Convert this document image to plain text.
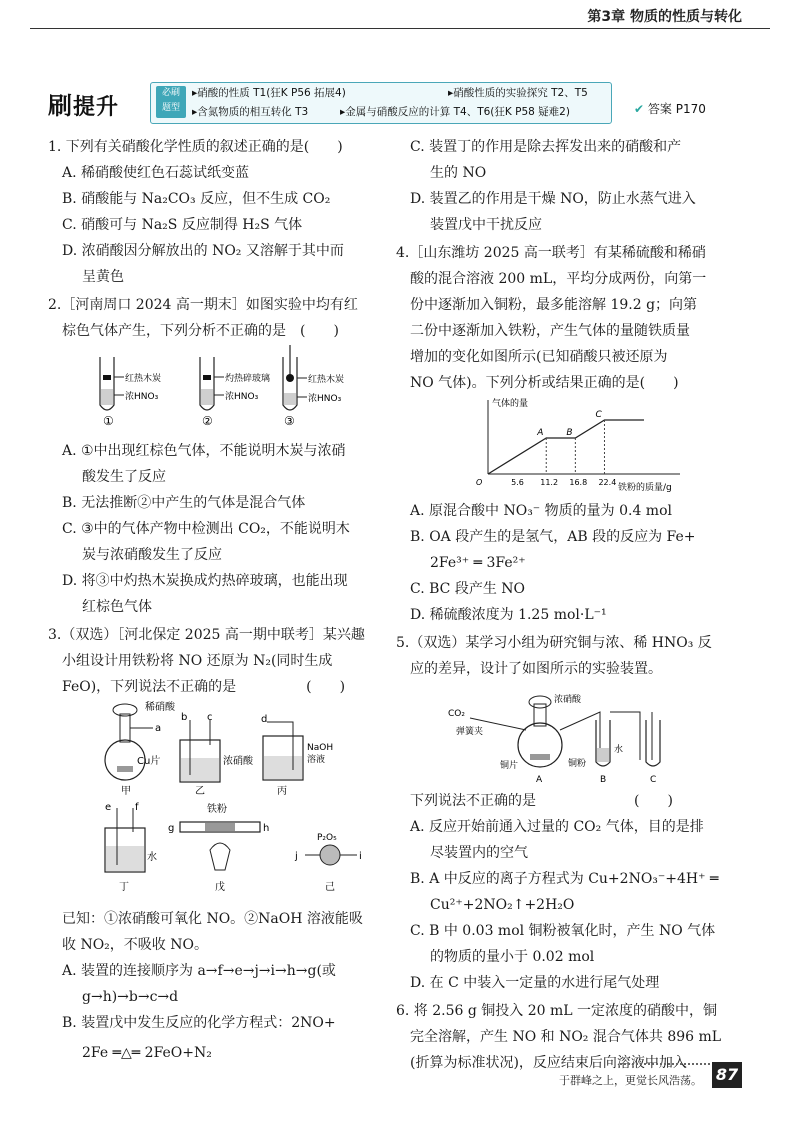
第3章 物质的性质与转化
刷提升
必刷
题型
▸硝酸的性质 T1(狂K P56 拓展4)	▸硝酸性质的实验探究 T2、T5
▸含氮物质的相互转化 T3	▸金属与硝酸反应的计算 T4、T6(狂K P58 疑难2)	✔ 答案 P170
1. 下列有关硝酸化学性质的叙述正确的是(　　)
A. 稀硝酸使红色石蕊试纸变蓝
B. 硝酸能与 Na₂CO₃ 反应，但不生成 CO₂
C. 硝酸可与 Na₂S 反应制得 H₂S 气体
D. 浓硝酸因分解放出的 NO₂ 又溶解于其中而
呈黄色
2.［河南周口 2024 高一期末］如图实验中均有红
棕色气体产生，下列分析不正确的是　(　　)
红热木炭
浓HNO₃
①
灼热碎玻璃
浓HNO₃
②
红热木炭
浓HNO₃
③
A. ①中出现红棕色气体，不能说明木炭与浓硝
酸发生了反应
B. 无法推断②中产生的气体是混合气体
C. ③中的气体产物中检测出 CO₂，不能说明木
炭与浓硝酸发生了反应
D. 将③中灼热木炭换成灼热碎玻璃，也能出现
红棕色气体
3.（双选）［河北保定 2025 高一期中联考］某兴趣
小组设计用铁粉将 NO 还原为 N₂(同时生成
FeO)，下列说法不正确的是　　　　　(　　)
稀硝酸
a
Cu片
甲
b c
浓硝酸
乙
d
NaOH
溶液
丙
e f
水
丁
铁粉
g	h
戊
P₂O₅
j	i
己
已知：①浓硝酸可氧化 NO。②NaOH 溶液能吸
收 NO₂，不吸收 NO。
A. 装置的连接顺序为 a→f→e→j→i→h→g(或
g→h)→b→c→d
B. 装置戊中发生反应的化学方程式：2NO+
2Fe ═△═ 2FeO+N₂
C. 装置丁的作用是除去挥发出来的硝酸和产
生的 NO
D. 装置乙的作用是干燥 NO，防止水蒸气进入
装置戊中干扰反应
4.［山东潍坊 2025 高一联考］有某稀硫酸和稀硝
酸的混合溶液 200 mL，平均分成两份，向第一
份中逐渐加入铜粉，最多能溶解 19.2 g；向第
二份中逐渐加入铁粉，产生气体的量随铁质量
增加的变化如图所示(已知硝酸只被还原为
NO 气体)。下列分析或结果正确的是(　　)
气体的量
铁粉的质量/g
O	5.6 11.2 16.8 22.4
A	B
C
A. 原混合酸中 NO₃⁻ 物质的量为 0.4 mol
B. OA 段产生的是氢气，AB 段的反应为 Fe+
2Fe³⁺ ═ 3Fe²⁺
C. BC 段产生 NO
D. 稀硫酸浓度为 1.25 mol·L⁻¹
5.（双选）某学习小组为研究铜与浓、稀 HNO₃ 反
应的差异，设计了如图所示的实验装置。
CO₂
弹簧夹
浓硝酸
铜片	铜粉
水
A	B	C
下列说法不正确的是　　　　　　　(　　)
A. 反应开始前通入过量的 CO₂ 气体，目的是排
尽装置内的空气
B. A 中反应的离子方程式为 Cu+2NO₃⁻+4H⁺ ═
Cu²⁺+2NO₂↑+2H₂O
C. B 中 0.03 mol 铜粉被氧化时，产生 NO 气体
的物质的量小于 0.02 mol
D. 在 C 中装入一定量的水进行尾气处理
6. 将 2.56 g 铜投入 20 mL 一定浓度的硝酸中，铜
完全溶解，产生 NO 和 NO₂ 混合气体共 896 mL
(折算为标准状况)，反应结束后向溶液中加入
于群峰之上，更觉长风浩荡。 87
